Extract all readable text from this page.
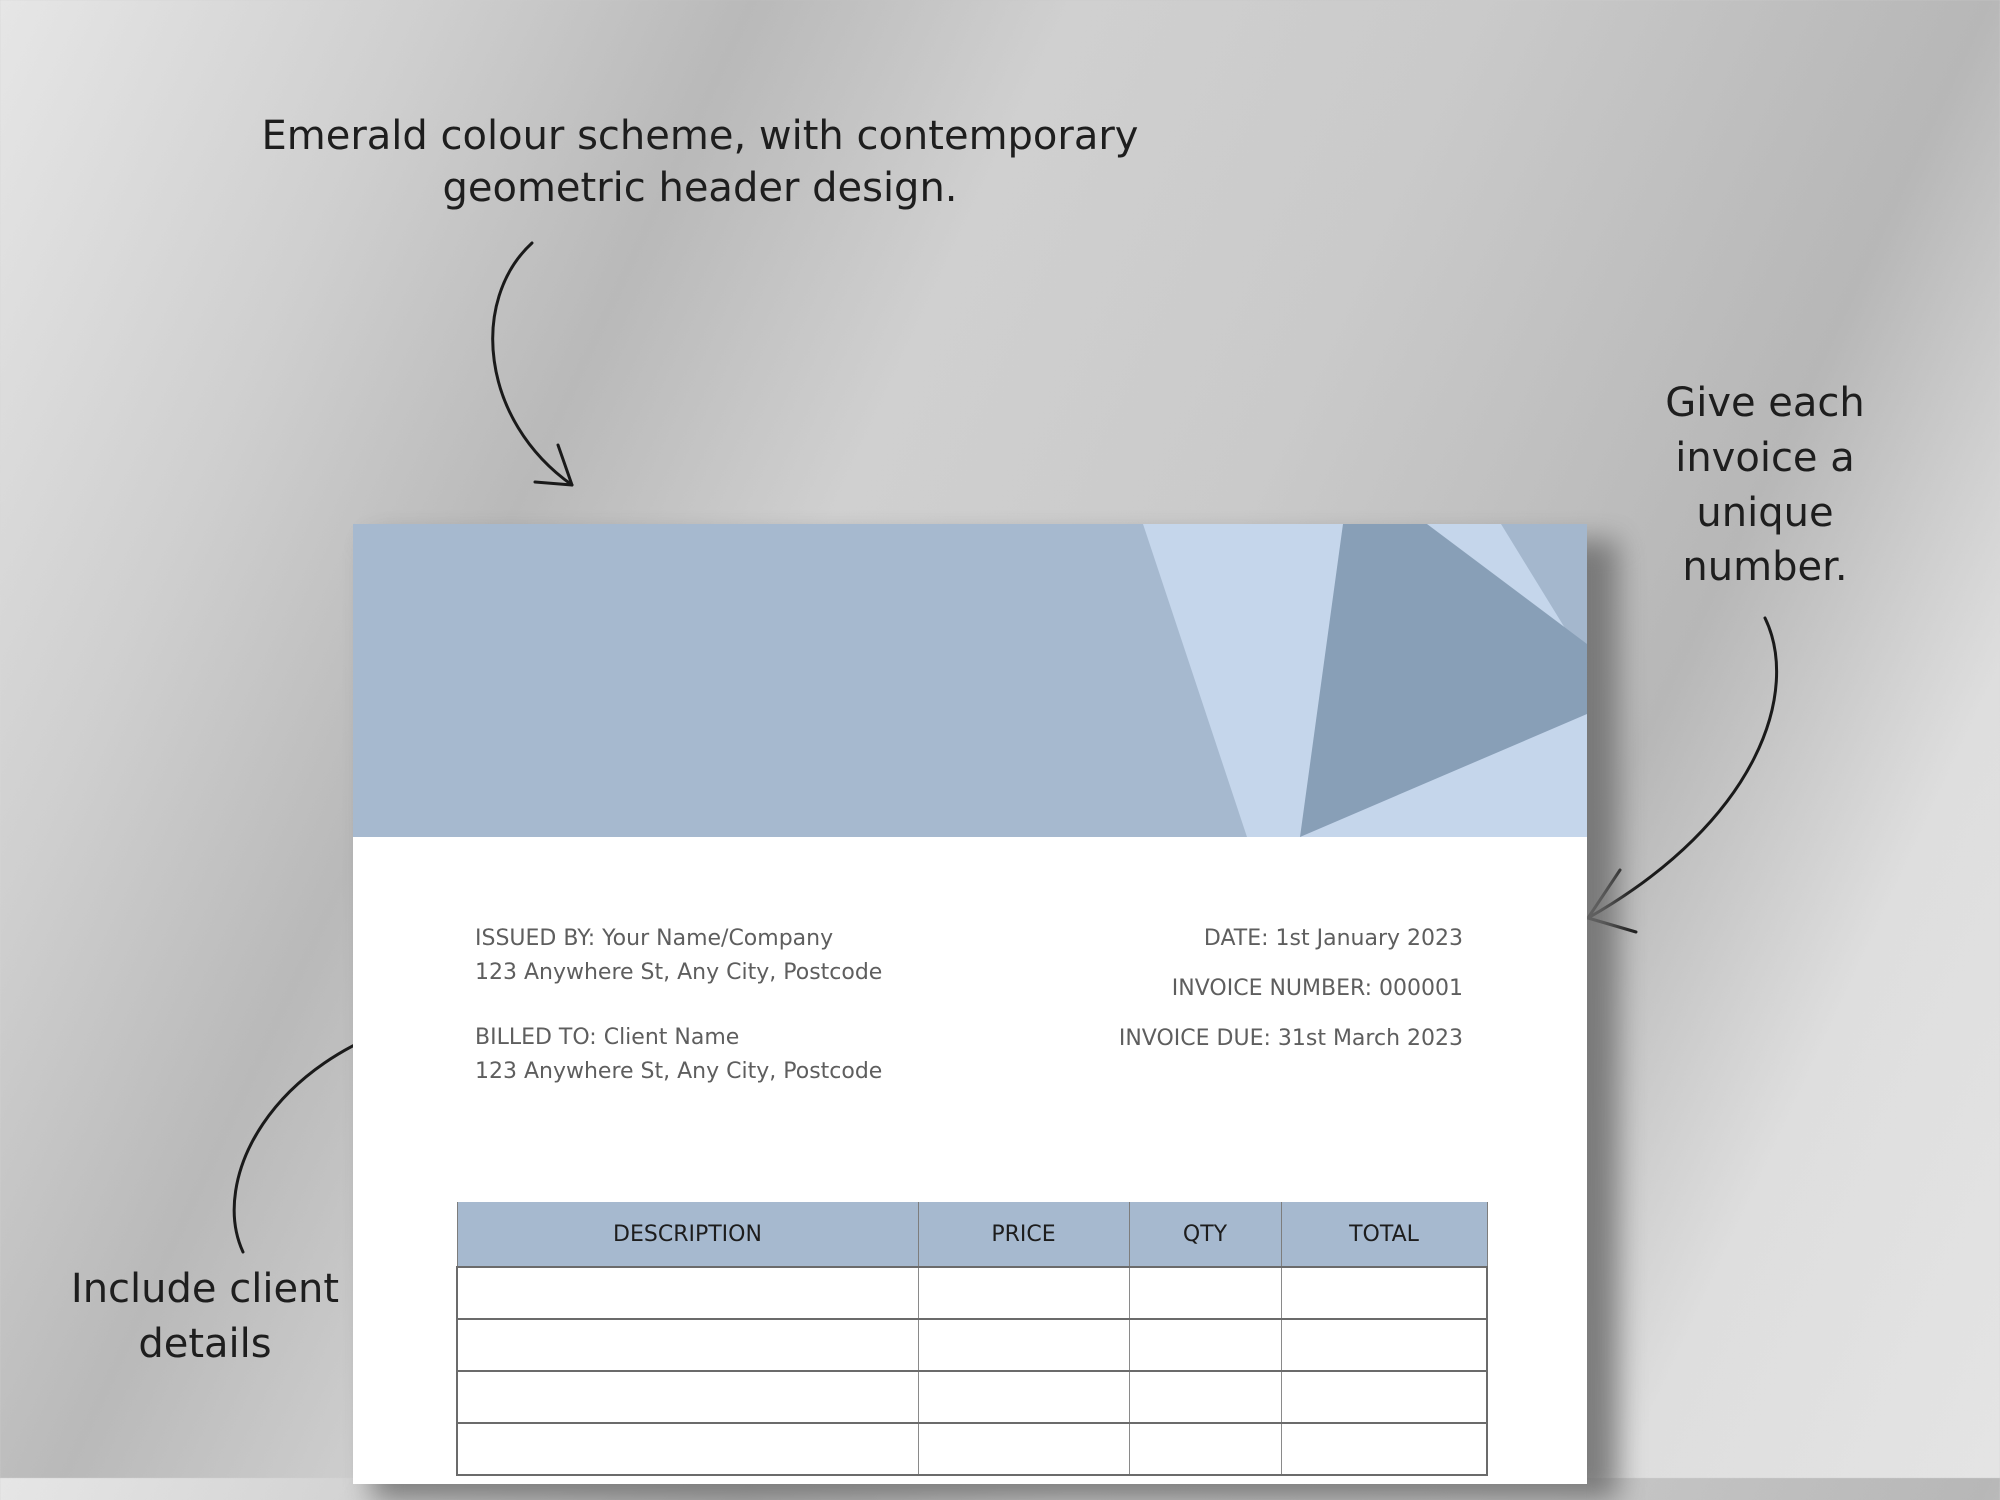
Emerald colour scheme, with contemporary geometric header design.

Give each invoice a unique number.

Include client details

ISSUED BY: Your Name/Company
123 Anywhere St, Any City, Postcode
BILLED TO: Client Name
123 Anywhere St, Any City, Postcode
DATE: 1st January 2023
INVOICE NUMBER: 000001
INVOICE DUE: 31st March 2023
DESCRIPTION	PRICE	QTY	TOTAL
